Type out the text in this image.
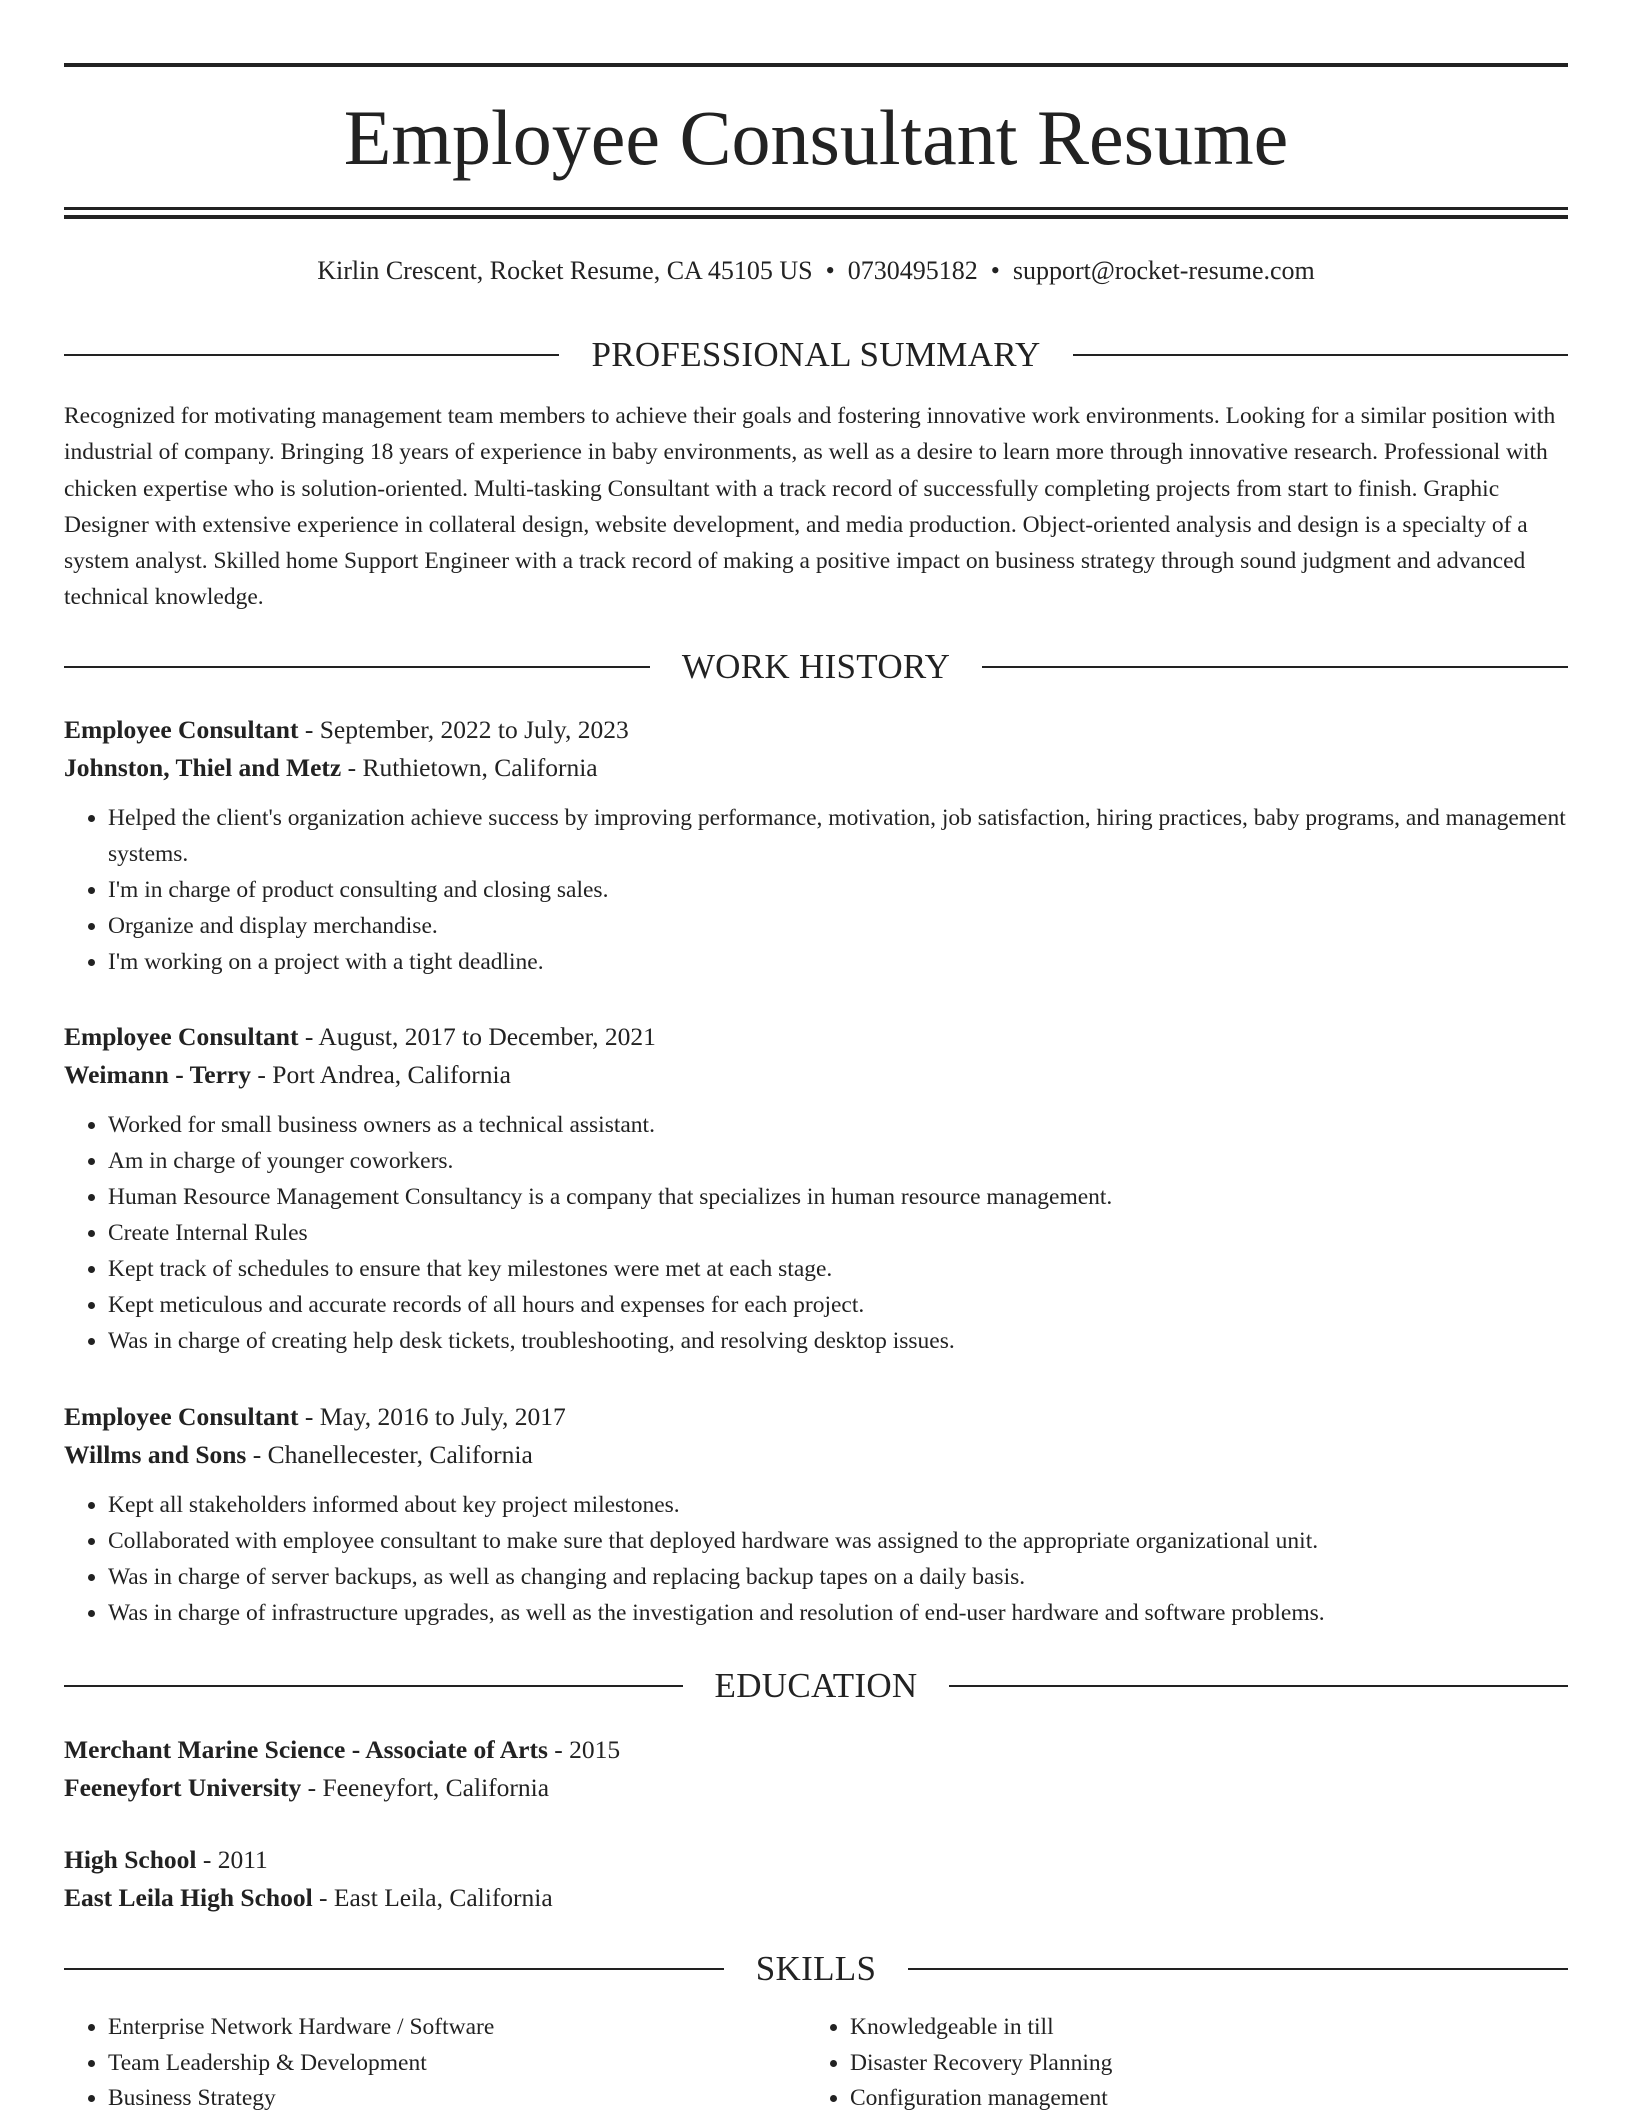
Employee Consultant Resume
Kirlin Crescent, Rocket Resume, CA 45105 US • 0730495182 • support@rocket-resume.com
PROFESSIONAL SUMMARY

Recognized for motivating management team members to achieve their goals and fostering innovative work environments. Looking for a similar position with industrial of company. Bringing 18 years of experience in baby environments, as well as a desire to learn more through innovative research. Professional with chicken expertise who is solution-oriented. Multi-tasking Consultant with a track record of successfully completing projects from start to finish. Graphic Designer with extensive experience in collateral design, website development, and media production. Object-oriented analysis and design is a specialty of a system analyst. Skilled home Support Engineer with a track record of making a positive impact on business strategy through sound judgment and advanced technical knowledge.

WORK HISTORY
Employee Consultant - September, 2022 to July, 2023
Johnston, Thiel and Metz - Ruthietown, California
• Helped the client's organization achieve success by improving performance, motivation, job satisfaction, hiring practices, baby programs, and management systems.
• I'm in charge of product consulting and closing sales.
• Organize and display merchandise.
• I'm working on a project with a tight deadline.
Employee Consultant - August, 2017 to December, 2021
Weimann - Terry - Port Andrea, California
• Worked for small business owners as a technical assistant.
• Am in charge of younger coworkers.
• Human Resource Management Consultancy is a company that specializes in human resource management.
• Create Internal Rules
• Kept track of schedules to ensure that key milestones were met at each stage.
• Kept meticulous and accurate records of all hours and expenses for each project.
• Was in charge of creating help desk tickets, troubleshooting, and resolving desktop issues.
Employee Consultant - May, 2016 to July, 2017
Willms and Sons - Chanellecester, California
• Kept all stakeholders informed about key project milestones.
• Collaborated with employee consultant to make sure that deployed hardware was assigned to the appropriate organizational unit.
• Was in charge of server backups, as well as changing and replacing backup tapes on a daily basis.
• Was in charge of infrastructure upgrades, as well as the investigation and resolution of end-user hardware and software problems.
EDUCATION
Merchant Marine Science - Associate of Arts - 2015
Feeneyfort University - Feeneyfort, California
High School - 2011
East Leila High School - East Leila, California
SKILLS
• Enterprise Network Hardware / Software
• Team Leadership & Development
• Business Strategy
• Knowledgeable in till
• Disaster Recovery Planning
• Configuration management
